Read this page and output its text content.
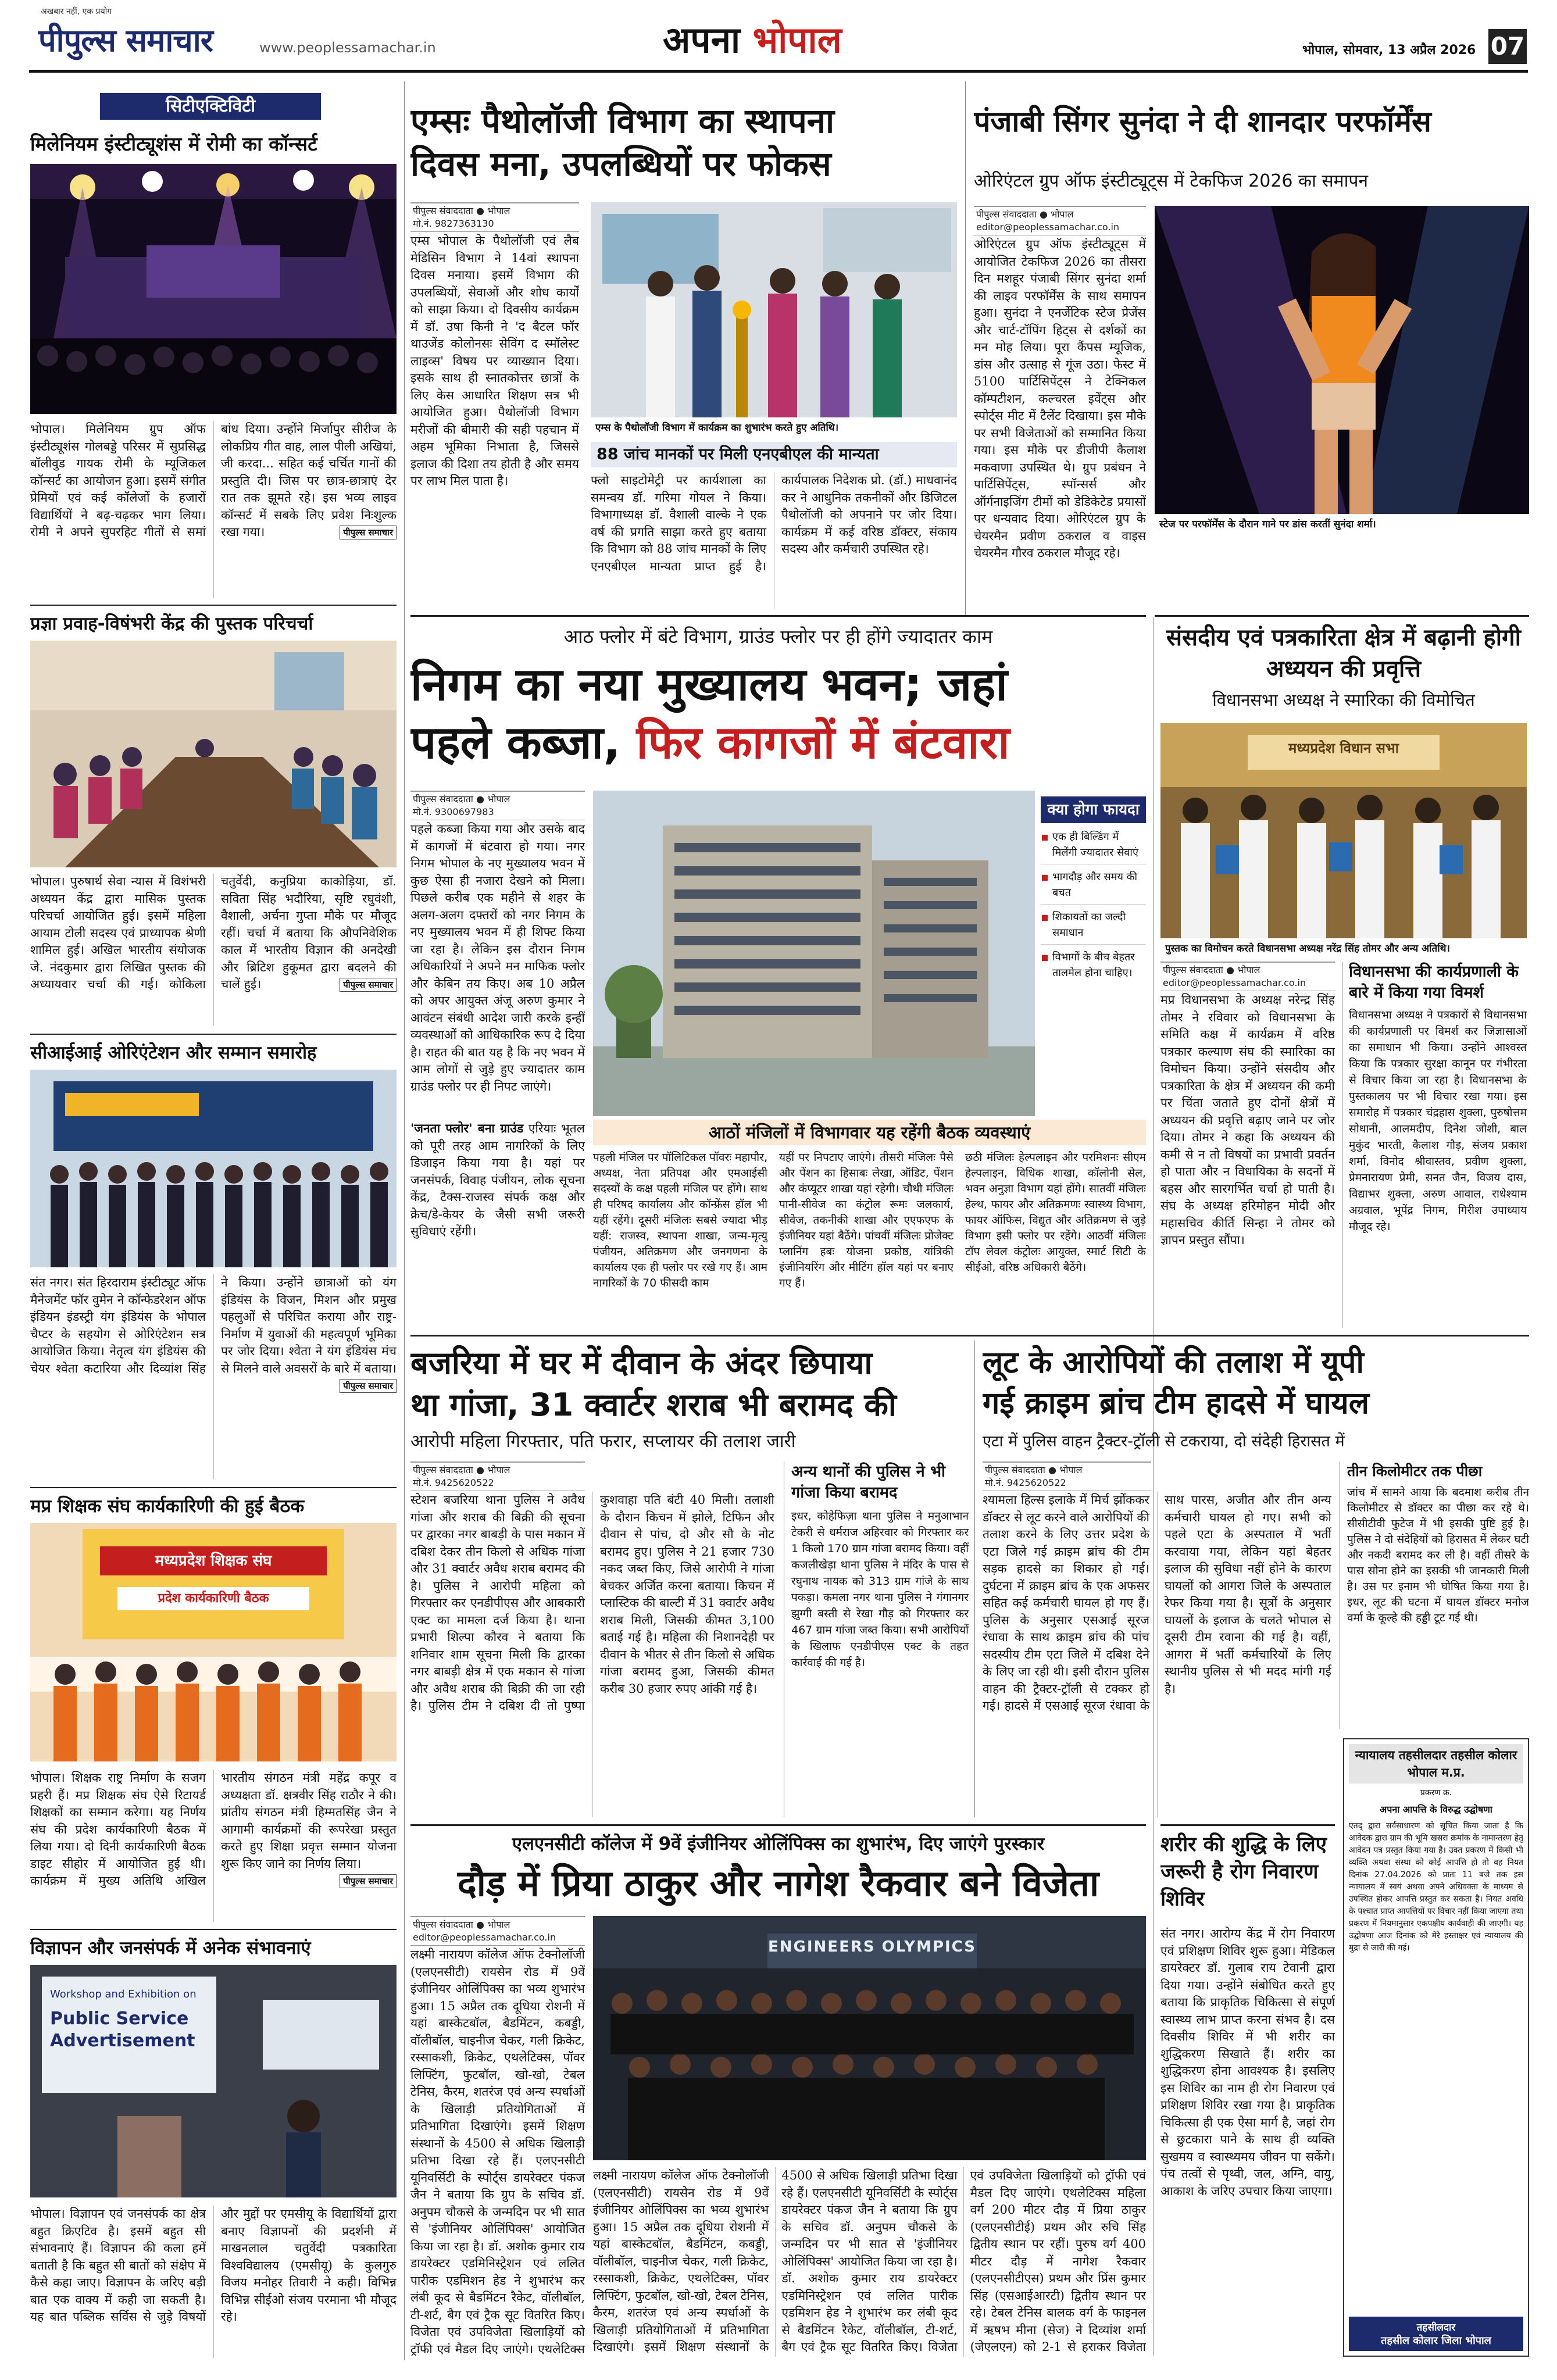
अखबार नहीं, एक प्रयोग
पीपुल्स समाचार	www.peoplessamachar.in	अपना भोपाल	भोपाल, सोमवार, 13 अप्रैल 2026 07
सिटीएक्टिविटी
मिलेनियम इंस्टीट्यूशंस में रोमी का कॉन्सर्ट
भोपाल। मिलेनियम ग्रुप ऑफ इंस्टीट्यूशंस गोलबड्डे परिसर में सुप्रसिद्ध बॉलीवुड गायक रोमी के म्यूजिकल कॉन्सर्ट का आयोजन हुआ। इसमें संगीत प्रेमियों एवं कई कॉलेजों के हजारों विद्यार्थियों ने बढ़-चढ़कर भाग लिया। रोमी ने अपने सुपरहिट गीतों से समां बांध दिया। उन्होंने मिर्जापुर सीरीज के लोकप्रिय गीत वाह, लाल पीली अखियां, जी करदा... सहित कई चर्चित गानों की प्रस्तुति दी। जिस पर छात्र-छात्राएं देर रात तक झूमते रहे। इस भव्य लाइव कॉन्सर्ट में सबके लिए प्रवेश निःशुल्क रखा गया।	पीपुल्स समाचार
प्रज्ञा प्रवाह-विषंभरी केंद्र की पुस्तक परिचर्चा
भोपाल। पुरुषार्थ सेवा न्यास में विशंभरी अध्ययन केंद्र द्वारा मासिक पुस्तक परिचर्चा आयोजित हुई। इसमें महिला आयाम टोली सदस्य एवं प्राध्यापक श्रेणी शामिल हुई। अखिल भारतीय संयोजक जे. नंदकुमार द्वारा लिखित पुस्तक की अध्यायवार चर्चा की गई। कोकिला चतुर्वेदी, कनुप्रिया काकोड़िया, डॉ. सविता सिंह भदौरिया, सृष्टि रघुवंशी, वैशाली, अर्चना गुप्ता मौके पर मौजूद रहीं। चर्चा में बताया कि औपनिवेशिक काल में भारतीय विज्ञान की अनदेखी और ब्रिटिश हुकूमत द्वारा बदलने की चालें हुई।	पीपुल्स समाचार
सीआईआई ओरिएंटेशन और सम्मान समारोह
संत नगर। संत हिरदाराम इंस्टीट्यूट ऑफ मैनेजमेंट फॉर वुमेन ने कॉन्फेडरेशन ऑफ इंडियन इंडस्ट्री यंग इंडियंस के भोपाल चैप्टर के सहयोग से ओरिएंटेशन सत्र आयोजित किया। नेतृत्व यंग इंडियंस की चेयर श्वेता कटारिया और दिव्यांश सिंह ने किया। उन्होंने छात्राओं को यंग इंडियंस के विजन, मिशन और प्रमुख पहलुओं से परिचित कराया और राष्ट्र-निर्माण में युवाओं की महत्वपूर्ण भूमिका पर जोर दिया। श्वेता ने यंग इंडियंस मंच से मिलने वाले अवसरों के बारे में बताया।
पीपुल्स समाचार
मप्र शिक्षक संघ कार्यकारिणी की हुई बैठक
मध्यप्रदेश शिक्षक संघ
प्रदेश कार्यकारिणी बैठक
भोपाल। शिक्षक राष्ट्र निर्माण के सजग प्रहरी हैं। मप्र शिक्षक संघ ऐसे रिटायर्ड शिक्षकों का सम्मान करेगा। यह निर्णय संघ की प्रदेश कार्यकारिणी बैठक में लिया गया। दो दिनी कार्यकारिणी बैठक डाइट सीहोर में आयोजित हुई थी। कार्यक्रम में मुख्य अतिथि अखिल भारतीय संगठन मंत्री महेंद्र कपूर व अध्यक्षता डॉ. क्षत्रवीर सिंह राठौर ने की। प्रांतीय संगठन मंत्री हिम्मतसिंह जैन ने आगामी कार्यक्रमों की रूपरेखा प्रस्तुत करते हुए शिक्षा प्रवृत्त सम्मान योजना शुरू किए जाने का निर्णय लिया।
पीपुल्स समाचार
विज्ञापन और जनसंपर्क में अनेक संभावनाएं
Workshop and Exhibition on
Public Service Advertisement
भोपाल। विज्ञापन एवं जनसंपर्क का क्षेत्र बहुत क्रिएटिव है। इसमें बहुत सी संभावनाएं हैं। विज्ञापन की कला हमें बताती है कि बहुत सी बातों को संक्षेप में कैसे कहा जाए। विज्ञापन के जरिए बड़ी बात एक वाक्य में कही जा सकती है। यह बात पब्लिक सर्विस से जुड़े विषयों और मुद्दों पर एमसीयू के विद्यार्थियों द्वारा बनाए विज्ञापनों की प्रदर्शनी में माखनलाल चतुर्वेदी पत्रकारिता विश्वविद्यालय (एमसीयू) के कुलगुरु विजय मनोहर तिवारी ने कही। विभिन्न विभिन्न सीईओ संजय परमाना भी मौजूद रहे।
एम्सः पैथोलॉजी विभाग का स्थापना
दिवस मना, उपलब्धियों पर फोकस
पीपुल्स संवाददाता ● भोपाल
मो.नं. 9827363130
एम्स भोपाल के पैथोलॉजी एवं लैब मेडिसिन विभाग ने 14वां स्थापना दिवस मनाया। इसमें विभाग की उपलब्धियों, सेवाओं और शोध कार्यों को साझा किया। दो दिवसीय कार्यक्रम में डॉ. उषा किनी ने 'द बैटल फॉर थाउजेंड कोलोनसः सेविंग द स्मॉलेस्ट लाइव्स' विषय पर व्याख्यान दिया। इसके साथ ही स्नातकोत्तर छात्रों के लिए केस आधारित शिक्षण सत्र भी आयोजित हुआ। पैथोलॉजी विभाग मरीजों की बीमारी की सही पहचान में अहम भूमिका निभाता है, जिससे इलाज की दिशा तय होती है और समय पर लाभ मिल पाता है।
एम्स के पैथोलॉजी विभाग में कार्यक्रम का शुभारंभ करते हुए अतिथि।
88 जांच मानकों पर मिली एनएबीएल की मान्यता
फ्लो साइटोमेट्री पर कार्यशाला का समन्वय डॉ. गरिमा गोयल ने किया। विभागाध्यक्ष डॉ. वैशाली वाल्के ने एक वर्ष की प्रगति साझा करते हुए बताया कि विभाग को 88 जांच मानकों के लिए एनएबीएल मान्यता प्राप्त हुई है। कार्यपालक निदेशक प्रो. (डॉ.) माधवानंद कर ने आधुनिक तकनीकों और डिजिटल पैथोलॉजी को अपनाने पर जोर दिया। कार्यक्रम में कई वरिष्ठ डॉक्टर, संकाय सदस्य और कर्मचारी उपस्थित रहे।
पंजाबी सिंगर सुनंदा ने दी शानदार परफॉर्मेंस
ओरिएंटल ग्रुप ऑफ इंस्टीट्यूट्स में टेकफिज 2026 का समापन
पीपुल्स संवाददाता ● भोपाल
editor@peoplessamachar.co.in
ओरिएंटल ग्रुप ऑफ इंस्टीट्यूट्स में आयोजित टेकफिज 2026 का तीसरा दिन मशहूर पंजाबी सिंगर सुनंदा शर्मा की लाइव परफॉर्मेंस के साथ समापन हुआ। सुनंदा ने एनर्जेटिक स्टेज प्रेजेंस और चार्ट-टॉपिंग हिट्स से दर्शकों का मन मोह लिया। पूरा कैंपस म्यूजिक, डांस और उत्साह से गूंज उठा। फेस्ट में 5100 पार्टिसिपेंट्स ने टेक्निकल कॉम्पटीशन, कल्चरल इवेंट्स और स्पोर्ट्स मीट में टैलेंट दिखाया। इस मौके पर सभी विजेताओं को सम्मानित किया गया। इस मौके पर डीजीपी कैलाश मकवाणा उपस्थित थे। ग्रुप प्रबंधन ने पार्टिसिपेंट्स, स्पॉन्सर्स और ऑर्गनाइजिंग टीमों को डेडिकेटेड प्रयासों पर धन्यवाद दिया। ओरिएंटल ग्रुप के चेयरमैन प्रवीण ठकराल व वाइस चेयरमैन गौरव ठकराल मौजूद रहे।
स्टेज पर परफॉर्मेंस के दौरान गाने पर डांस करतीं सुनंदा शर्मा।
संसदीय एवं पत्रकारिता क्षेत्र में बढ़ानी होगी अध्ययन की प्रवृत्ति
विधानसभा अध्यक्ष ने स्मारिका की विमोचित
मध्यप्रदेश विधान सभा
पुस्तक का विमोचन करते विधानसभा अध्यक्ष नरेंद्र सिंह तोमर और अन्य अतिथि।
पीपुल्स संवाददाता ● भोपाल
editor@peoplessamachar.co.in
मप्र विधानसभा के अध्यक्ष नरेन्द्र सिंह तोमर ने रविवार को विधानसभा के समिति कक्ष में कार्यक्रम में वरिष्ठ पत्रकार कल्याण संघ की स्मारिका का विमोचन किया। उन्होंने संसदीय और पत्रकारिता के क्षेत्र में अध्ययन की कमी पर चिंता जताते हुए दोनों क्षेत्रों में अध्ययन की प्रवृत्ति बढ़ाए जाने पर जोर दिया। तोमर ने कहा कि अध्ययन की कमी से न तो विषयों का प्रभावी प्रवर्तन हो पाता और न विधायिका के सदनों में बहस और सारगर्भित चर्चा हो पाती है। संघ के अध्यक्ष हरिमोहन मोदी और महासचिव कीर्ति सिन्हा ने तोमर को ज्ञापन प्रस्तुत सौंपा।
विधानसभा की कार्यप्रणाली के बारे में किया गया विमर्श
विधानसभा अध्यक्ष ने पत्रकारों से विधानसभा की कार्यप्रणाली पर विमर्श कर जिज्ञासाओं का समाधान भी किया। उन्होंने आश्वस्त किया कि पत्रकार सुरक्षा कानून पर गंभीरता से विचार किया जा रहा है। विधानसभा के पुस्तकालय पर भी विचार रखा गया। इस समारोह में पत्रकार चंद्रहास शुक्ला, पुरुषोत्तम सोधानी, आलमदीप, दिनेश जोशी, बाल मुकुंद भारती, कैलाश गौड़, संजय प्रकाश शर्मा, विनोद श्रीवास्तव, प्रवीण शुक्ला, प्रेमनारायण प्रेमी, सनत जैन, विजय दास, विद्याभर शुक्ला, अरुण आवाल, राधेश्याम अग्रवाल, भूपेंद्र निगम, गिरीश उपाध्याय मौजूद रहे।
आठ फ्लोर में बंटे विभाग, ग्राउंड फ्लोर पर ही होंगे ज्यादातर काम
निगम का नया मुख्यालय भवन; जहां
पहले कब्जा, फिर कागजों में बंटवारा
पीपुल्स संवाददाता ● भोपाल
मो.नं. 9300697983
पहले कब्जा किया गया और उसके बाद में कागजों में बंटवारा हो गया। नगर निगम भोपाल के नए मुख्यालय भवन में कुछ ऐसा ही नजारा देखने को मिला। पिछले करीब एक महीने से शहर के अलग-अलग दफ्तरों को नगर निगम के नए मुख्यालय भवन में ही शिफ्ट किया जा रहा है। लेकिन इस दौरान निगम अधिकारियों ने अपने मन माफिक फ्लोर और केबिन तय किए। अब 10 अप्रैल को अपर आयुक्त अंजू अरुण कुमार ने आवंटन संबंधी आदेश जारी करके इन्हीं व्यवस्थाओं को आधिकारिक रूप दे दिया है। राहत की बात यह है कि नए भवन में आम लोगों से जुड़े हुए ज्यादातर काम ग्राउंड फ्लोर पर ही निपट जाएंगे।
क्या होगा फायदा
एक ही बिल्डिंग में मिलेंगी ज्यादातर सेवाएं
भागदौड़ और समय की बचत
शिकायतों का जल्दी समाधान
विभागों के बीच बेहतर तालमेल होना चाहिए।
आठों मंजिलों में विभागवार यह रहेंगी बैठक व्यवस्थाएं
'जनता फ्लोर' बना ग्राउंड एरियाः भूतल को पूरी तरह आम नागरिकों के लिए डिजाइन किया गया है। यहां पर जनसंपर्क, विवाह पंजीयन, लोक सूचना केंद्र, टैक्स-राजस्व संपर्क कक्ष और क्रेच/डे-केयर के जैसी सभी जरूरी सुविधाएं रहेंगी।
पहली मंजिल पर पॉलिटिकल पॉवरः महापौर, अध्यक्ष, नेता प्रतिपक्ष और एमआईसी सदस्यों के कक्ष पहली मंजिल पर होंगे। साथ ही परिषद कार्यालय और कॉन्फ्रेंस हॉल भी यहीं रहेंगे। दूसरी मंजिलः सबसे ज्यादा भीड़ यहीं: राजस्व, स्थापना शाखा, जन्म-मृत्यु पंजीयन, अतिक्रमण और जनगणना के कार्यालय एक ही फ्लोर पर रखे गए हैं। आम नागरिकों के 70 फीसदी काम
यहीं पर निपटाए जाएंगे। तीसरी मंजिलः पैसे और पेंशन का हिसाबः लेखा, ऑडिट, पेंशन और कंप्यूटर शाखा यहां रहेगी। चौथी मंजिलः पानी-सीवेज का कंट्रोल रूमः जलकार्य, सीवेज, तकनीकी शाखा और एएफएफ के इंजीनियर यहां बैठेंगे। पांचवीं मंजिलः प्रोजेक्ट प्लानिंग हबः योजना प्रकोष्ठ, यांत्रिकी इंजीनियरिंग और मीटिंग हॉल यहां पर बनाए गए हैं।
छठी मंजिलः हेल्पलाइन और परमिशनः सीएम हेल्पलाइन, विधिक शाखा, कॉलोनी सेल, भवन अनुज्ञा विभाग यहां होंगे। सातवीं मंजिलः हेल्थ, फायर और अतिक्रमणः स्वास्थ्य विभाग, फायर ऑफिस, विद्युत और अतिक्रमण से जुड़े विभाग इसी फ्लोर पर रहेंगे। आठवीं मंजिलः टॉप लेवल कंट्रोलः आयुक्त, स्मार्ट सिटी के सीईओ, वरिष्ठ अधिकारी बैठेंगे।
बजरिया में घर में दीवान के अंदर छिपाया
था गांजा, 31 क्वार्टर शराब भी बरामद की
आरोपी महिला गिरफ्तार, पति फरार, सप्लायर की तलाश जारी
पीपुल्स संवाददाता ● भोपाल
मो.नं. 9425620522
स्टेशन बजरिया थाना पुलिस ने अवैध गांजा और शराब की बिक्री की सूचना पर द्वारका नगर बाबड़ी के पास मकान में दबिश देकर तीन किलो से अधिक गांजा और 31 क्वार्टर अवैध शराब बरामद की है। पुलिस ने आरोपी महिला को गिरफ्तार कर एनडीपीएस और आबकारी एक्ट का मामला दर्ज किया है। थाना प्रभारी शिल्पा कौरव ने बताया कि शनिवार शाम सूचना मिली कि द्वारका नगर बाबड़ी क्षेत्र में एक मकान से गांजा और अवैध शराब की बिक्री की जा रही है। पुलिस टीम ने दबिश दी तो पुष्पा कुशवाहा पति बंटी 40 मिली। तलाशी के दौरान किचन में झोले, टिफिन और दीवान से पांच, दो और सौ के नोट बरामद हुए। पुलिस ने 21 हजार 730 नकद जब्त किए, जिसे आरोपी ने गांजा बेचकर अर्जित करना बताया। किचन में प्लास्टिक की बाल्टी में 31 क्वार्टर अवैध शराब मिली, जिसकी कीमत 3,100 बताई गई है। महिला की निशानदेही पर दीवान के भीतर से तीन किलो से अधिक गांजा बरामद हुआ, जिसकी कीमत करीब 30 हजार रुपए आंकी गई है।
अन्य थानों की पुलिस ने भी गांजा किया बरामद
इधर, कोहेफिज़ा थाना पुलिस ने मनुआभान टेकरी से धर्मराज अहिरवार को गिरफ्तार कर 1 किलो 170 ग्राम गांजा बरामद किया। वहीं कजलीखेड़ा थाना पुलिस ने मंदिर के पास से रघुनाथ नायक को 313 ग्राम गांजे के साथ पकड़ा। कमला नगर थाना पुलिस ने गंगानगर झुग्गी बस्ती से रेखा गौड़ को गिरफ्तार कर 467 ग्राम गांजा जब्त किया। सभी आरोपियों के खिलाफ एनडीपीएस एक्ट के तहत कार्रवाई की गई है।
लूट के आरोपियों की तलाश में यूपी
गई क्राइम ब्रांच टीम हादसे में घायल
एटा में पुलिस वाहन ट्रैक्टर-ट्रॉली से टकराया, दो संदेही हिरासत में
पीपुल्स संवाददाता ● भोपाल
मो.नं. 9425620522
श्यामला हिल्स इलाके में मिर्च झोंककर डॉक्टर से लूट करने वाले आरोपियों की तलाश करने के लिए उत्तर प्रदेश के एटा जिले गई क्राइम ब्रांच की टीम सड़क हादसे का शिकार हो गई। दुर्घटना में क्राइम ब्रांच के एक अफसर सहित कई कर्मचारी घायल हो गए हैं। पुलिस के अनुसार एसआई सूरज रंधावा के साथ क्राइम ब्रांच की पांच सदस्यीय टीम एटा जिले में दबिश देने के लिए जा रही थी। इसी दौरान पुलिस वाहन की ट्रैक्टर-ट्रॉली से टक्कर हो गई। हादसे में एसआई सूरज रंधावा के साथ पारस, अजीत और तीन अन्य कर्मचारी घायल हो गए। सभी को पहले एटा के अस्पताल में भर्ती करवाया गया, लेकिन यहां बेहतर इलाज की सुविधा नहीं होने के कारण घायलों को आगरा जिले के अस्पताल रेफर किया गया है। सूत्रों के अनुसार घायलों के इलाज के चलते भोपाल से दूसरी टीम रवाना की गई है। वहीं, आगरा में भर्ती कर्मचारियों के लिए स्थानीय पुलिस से भी मदद मांगी गई है।
तीन किलोमीटर तक पीछा
जांच में सामने आया कि बदमाश करीब तीन किलोमीटर से डॉक्टर का पीछा कर रहे थे। सीसीटीवी फुटेज में भी इसकी पुष्टि हुई है। पुलिस ने दो संदेहियों को हिरासत में लेकर घटी और नकदी बरामद कर ली है। वहीं तीसरे के पास सोना होने का इसकी भी जानकारी मिली है। उस पर इनाम भी घोषित किया गया है। इधर, लूट की घटना में घायल डॉक्टर मनोज वर्मा के कूल्हे की हड्डी टूट गई थी।
एलएनसीटी कॉलेज में 9वें इंजीनियर ओलिंपिक्स का शुभारंभ, दिए जाएंगे पुरस्कार
दौड़ में प्रिया ठाकुर और नागेश रैकवार बने विजेता
पीपुल्स संवाददाता ● भोपाल
editor@peoplessamachar.co.in
ENGINEERS OLYMPICS
लक्ष्मी नारायण कॉलेज ऑफ टेक्नोलॉजी (एलएनसीटी) रायसेन रोड में 9वें इंजीनियर ओलिंपिक्स का भव्य शुभारंभ हुआ। 15 अप्रैल तक दूधिया रोशनी में यहां बास्केटबॉल, बैडमिंटन, कबड्डी, वॉलीबॉल, चाइनीज चेकर, गली क्रिकेट, रस्साकशी, क्रिकेट, एथलेटिक्स, पॉवर लिफ्टिंग, फुटबॉल, खो-खो, टेबल टेनिस, कैरम, शतरंज एवं अन्य स्पर्धाओं के खिलाड़ी प्रतियोगिताओं में प्रतिभागिता दिखाएंगे। इसमें शिक्षण संस्थानों के 4500 से अधिक खिलाड़ी प्रतिभा दिखा रहे हैं। एलएनसीटी यूनिवर्सिटी के स्पोर्ट्स डायरेक्टर पंकज जैन ने बताया कि ग्रुप के सचिव डॉ. अनुपम चौकसे के जन्मदिन पर भी सात से 'इंजीनियर ओलिंपिक्स' आयोजित किया जा रहा है। डॉ. अशोक कुमार राय डायरेक्टर एडमिनिस्ट्रेशन एवं ललित पारीक एडमिशन हेड ने शुभारंभ कर लंबी कूद से बैडमिंटन रैकेट, वॉलीबॉल, टी-शर्ट, बैग एवं ट्रैक सूट वितरित किए। विजेता एवं उपविजेता खिलाड़ियों को ट्रॉफी एवं मैडल दिए जाएंगे। एथलेटिक्स
लक्ष्मी नारायण कॉलेज ऑफ टेक्नोलॉजी (एलएनसीटी) रायसेन रोड में 9वें इंजीनियर ओलिंपिक्स का भव्य शुभारंभ हुआ। 15 अप्रैल तक दूधिया रोशनी में यहां बास्केटबॉल, बैडमिंटन, कबड्डी, वॉलीबॉल, चाइनीज चेकर, गली क्रिकेट, रस्साकशी, क्रिकेट, एथलेटिक्स, पॉवर लिफ्टिंग, फुटबॉल, खो-खो, टेबल टेनिस, कैरम, शतरंज एवं अन्य स्पर्धाओं के खिलाड़ी प्रतियोगिताओं में प्रतिभागिता दिखाएंगे। इसमें शिक्षण संस्थानों के 4500 से अधिक खिलाड़ी प्रतिभा दिखा रहे हैं। एलएनसीटी यूनिवर्सिटी के स्पोर्ट्स डायरेक्टर पंकज जैन ने बताया कि ग्रुप के सचिव डॉ. अनुपम चौकसे के जन्मदिन पर भी सात से 'इंजीनियर ओलिंपिक्स' आयोजित किया जा रहा है। डॉ. अशोक कुमार राय डायरेक्टर एडमिनिस्ट्रेशन एवं ललित पारीक एडमिशन हेड ने शुभारंभ कर लंबी कूद से बैडमिंटन रैकेट, वॉलीबॉल, टी-शर्ट, बैग एवं ट्रैक सूट वितरित किए। विजेता एवं उपविजेता खिलाड़ियों को ट्रॉफी एवं मैडल दिए जाएंगे। एथलेटिक्स महिला वर्ग 200 मीटर दौड़ में प्रिया ठाकुर (एलएनसीटीई) प्रथम और रुचि सिंह द्वितीय स्थान पर रहीं। पुरुष वर्ग 400 मीटर दौड़ में नागेश रैकवार (एलएनसीटीएस) प्रथम और प्रिंस कुमार सिंह (एसआईआरटी) द्वितीय स्थान पर रहे। टेबल टेनिस बालक वर्ग के फाइनल में ऋषभ मीना (सेज) ने दिव्यांश शर्मा (जेएलएन) को 2-1 से हराकर विजेता
न्यायालय तहसीलदार तहसील कोलार भोपाल म.प्र.
प्रकरण क्र.
अपना आपत्ति के विरुद्ध उद्घोषणा
एतद् द्वारा सर्वसाधारण को सूचित किया जाता है कि आवेदक द्वारा ग्राम की भूमि खसरा क्रमांक के नामान्तरण हेतु आवेदन पत्र प्रस्तुत किया गया है। उक्त प्रकरण में किसी भी व्यक्ति अथवा संस्था को कोई आपत्ति हो तो वह नियत दिनांक 27.04.2026 को प्रातः 11 बजे तक इस न्यायालय में स्वयं अथवा अपने अधिवक्ता के माध्यम से उपस्थित होकर आपत्ति प्रस्तुत कर सकता है। नियत अवधि के पश्चात प्राप्त आपत्तियों पर विचार नहीं किया जाएगा तथा प्रकरण में नियमानुसार एकपक्षीय कार्यवाही की जाएगी। यह उद्घोषणा आज दिनांक को मेरे हस्ताक्षर एवं न्यायालय की मुद्रा से जारी की गई।
तहसीलदार
तहसील कोलार जिला भोपाल
शरीर की शुद्धि के लिए जरूरी है रोग निवारण शिविर
संत नगर। आरोग्य केंद्र में रोग निवारण एवं प्रशिक्षण शिविर शुरू हुआ। मेडिकल डायरेक्टर डॉ. गुलाब राय टेवानी द्वारा दिया गया। उन्होंने संबोधित करते हुए बताया कि प्राकृतिक चिकित्सा से संपूर्ण स्वास्थ्य लाभ प्राप्त करना संभव है। दस दिवसीय शिविर में भी शरीर का शुद्धिकरण सिखाते हैं। शरीर का शुद्धिकरण होना आवश्यक है। इसलिए इस शिविर का नाम ही रोग निवारण एवं प्रशिक्षण शिविर रखा गया है। प्राकृतिक चिकित्सा ही एक ऐसा मार्ग है, जहां रोग से छुटकारा पाने के साथ ही व्यक्ति सुखमय व स्वास्थ्यमय जीवन पा सकेंगे। पंच तत्वों से पृथ्वी, जल, अग्नि, वायु, आकाश के जरिए उपचार किया जाएगा।
